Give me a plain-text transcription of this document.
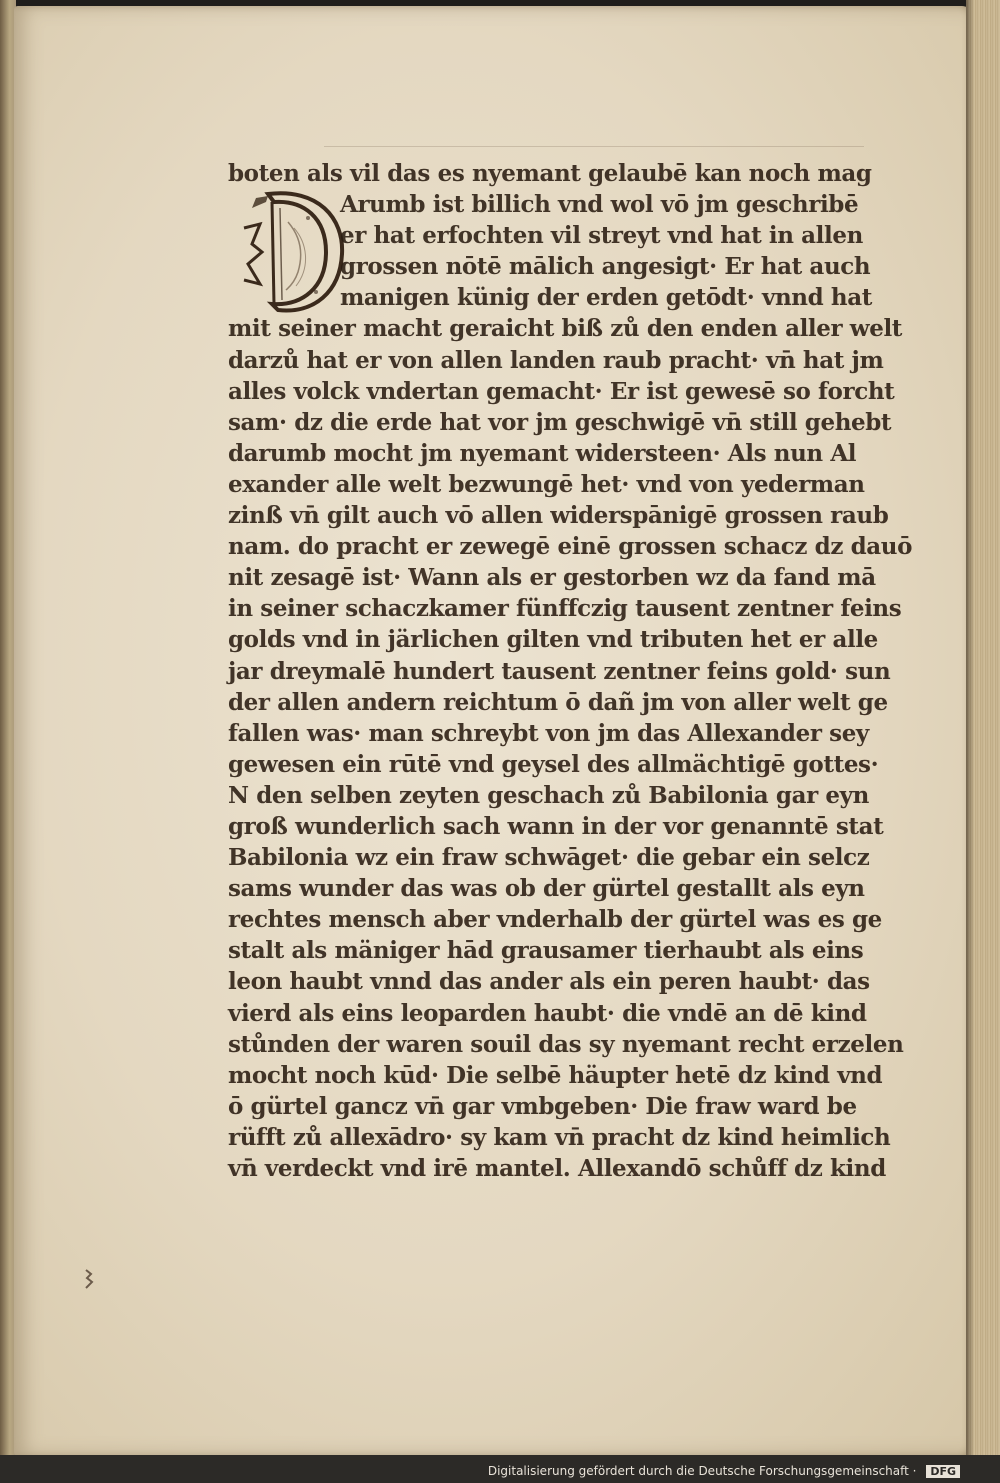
boten als vil das es nyemant gelaubē kan noch mag
Arumb ist billich vnd wol vō jm geschribē
er hat erfochten vil streyt vnd hat in allen
grossen nōtē mālich angesigt· Er hat auch
manigen künig der erden getōdt· vnnd hat
mit seiner macht geraicht biß zů den enden aller welt
darzů hat er von allen landen raub pracht· vn̄ hat jm
alles volck vndertan gemacht· Er ist gewesē so forcht
sam· dz die erde hat vor jm geschwigē vn̄ still gehebt
darumb mocht jm nyemant widersteen· Als nun Al
exander alle welt bezwungē het· vnd von yederman
zinß vn̄ gilt auch vō allen widerspānigē grossen raub
nam. do pracht er zewegē einē grossen schacz dz dauō
nit zesagē ist· Wann als er gestorben wz da fand mā
in seiner schaczkamer fünffczig tausent zentner feins
golds vnd in järlichen gilten vnd tributen het er alle
jar dreymalē hundert tausent zentner feins gold· sun
der allen andern reichtum ō dañ jm von aller welt ge
fallen was· man schreybt von jm das Allexander sey
gewesen ein rūtē vnd geysel des allmächtigē gottes·
N den selben zeyten geschach zů Babilonia gar eyn
groß wunderlich sach wann in der vor genanntē stat
Babilonia wz ein fraw schwāget· die gebar ein selcz
sams wunder das was ob der gürtel gestallt als eyn
rechtes mensch aber vnderhalb der gürtel was es ge
stalt als mäniger hād grausamer tierhaubt als eins
leon haubt vnnd das ander als ein peren haubt· das
vierd als eins leoparden haubt· die vndē an dē kind
stůnden der waren souil das sy nyemant recht erzelen
mocht noch kūd· Die selbē häupter hetē dz kind vnd
ō gürtel gancz vn̄ gar vmbgeben· Die fraw ward be
rüfft zů allexādro· sy kam vn̄ pracht dz kind heimlich
vn̄ verdeckt vnd irē mantel. Allexandō schůff dz kind
Digitalisierung gefördert durch die Deutsche Forschungsgemeinschaft · DFG
